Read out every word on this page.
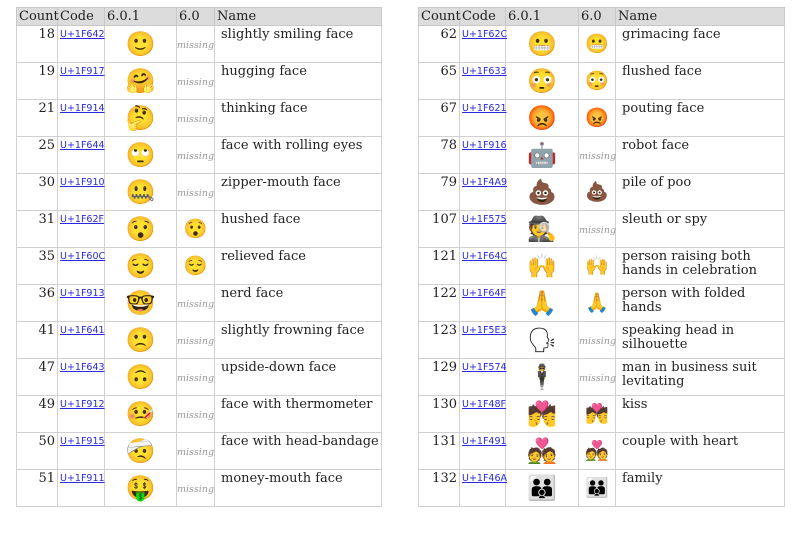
Count	Code	6.0.1	6.0	Name
18	U+1F642	🙂	missing	slightly smiling face
19	U+1F917	🤗	missing	hugging face
21	U+1F914	🤔	missing	thinking face
25	U+1F644	🙄	missing	face with rolling eyes
30	U+1F910	🤐	missing	zipper-mouth face
31	U+1F62F	😯	😯	hushed face
35	U+1F60C	😌	😌	relieved face
36	U+1F913	🤓	missing	nerd face
41	U+1F641	🙁	missing	slightly frowning face
47	U+1F643	🙃	missing	upside-down face
49	U+1F912	🤒	missing	face with thermometer
50	U+1F915	🤕	missing	face with head-bandage
51	U+1F911	🤑	missing	money-mouth face
Count	Code	6.0.1	6.0	Name
62	U+1F62C	😬	😬	grimacing face
65	U+1F633	😳	😳	flushed face
67	U+1F621	😡	😡	pouting face
78	U+1F916	🤖	missing	robot face
79	U+1F4A9	💩	💩	pile of poo
107	U+1F575	🕵	missing	sleuth or spy
121	U+1F64C	🙌	🙌	person raising both hands in celebration
122	U+1F64F	🙏	🙏	person with folded hands
123	U+1F5E3	🗣	missing	speaking head in silhouette
129	U+1F574	🕴	missing	man in business suit levitating
130	U+1F48F	💏	💏	kiss
131	U+1F491	💑	💑	couple with heart
132	U+1F46A	👪	👪	family
